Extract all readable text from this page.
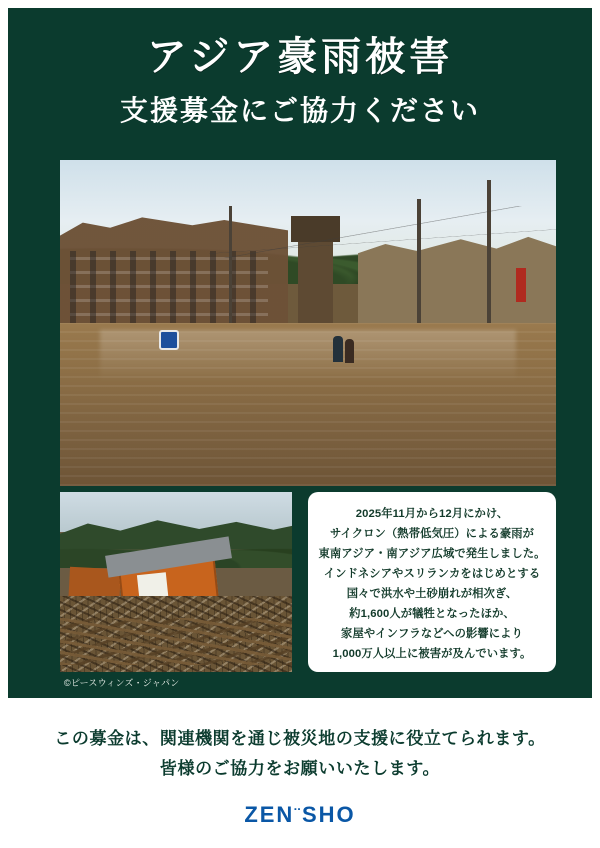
アジア豪雨被害
支援募金にご協力ください
©ピースウィンズ・ジャパン
2025年11月から12月にかけ、
サイクロン（熱帯低気圧）による豪雨が
東南アジア・南アジア広域で発生しました。
インドネシアやスリランカをはじめとする
国々で洪水や土砂崩れが相次ぎ、
約1,600人が犠牲となったほか、
家屋やインフラなどへの影響により
1,000万人以上に被害が及んでいます。
この募金は、関連機関を通じ被災地の支援に役立てられます。
皆様のご協力をお願いいたします。
ZEN¨SHO
